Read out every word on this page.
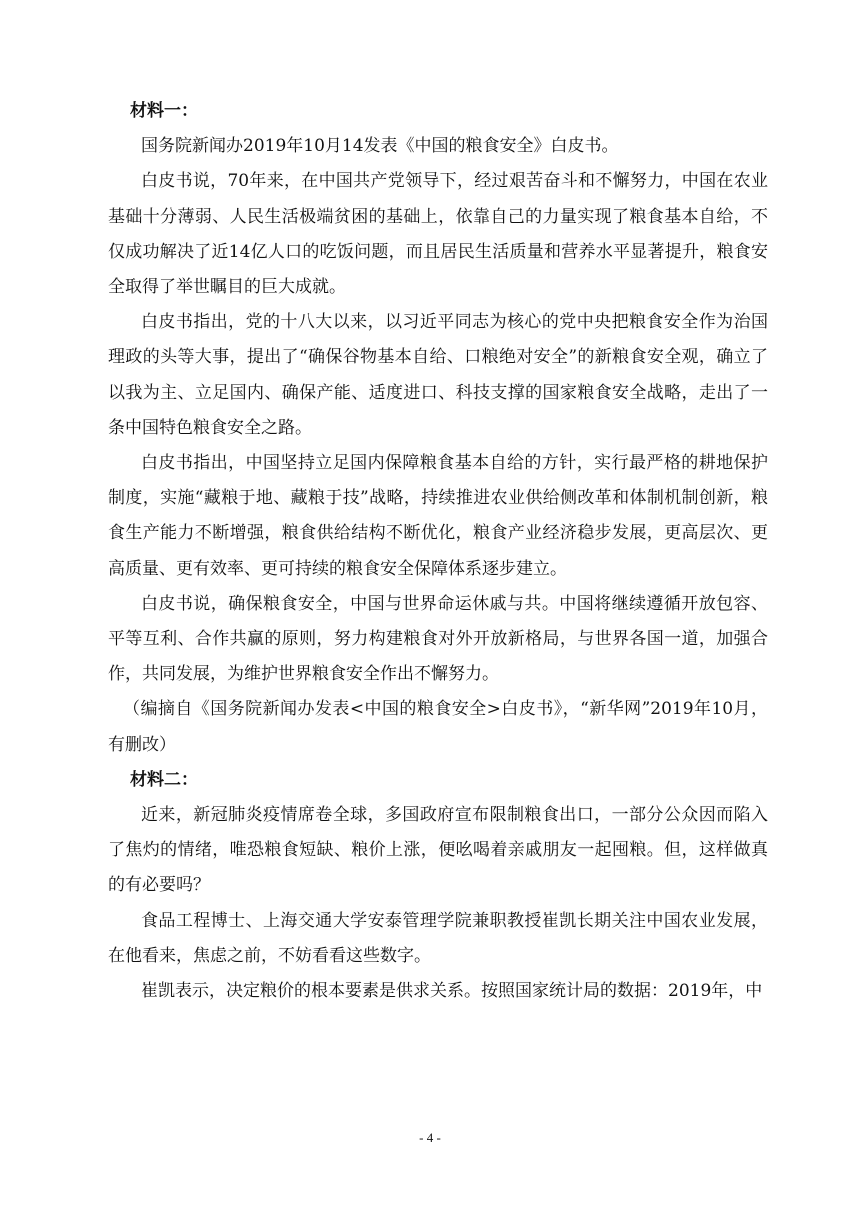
材料一：

国务院新闻办2019年10月14发表《中国的粮食安全》白皮书。

白皮书说，70年来，在中国共产党领导下，经过艰苦奋斗和不懈努力，中国在农业基础十分薄弱、人民生活极端贫困的基础上，依靠自己的力量实现了粮食基本自给，不仅成功解决了近14亿人口的吃饭问题，而且居民生活质量和营养水平显著提升，粮食安全取得了举世瞩目的巨大成就。

白皮书指出，党的十八大以来，以习近平同志为核心的党中央把粮食安全作为治国理政的头等大事，提出了“确保谷物基本自给、口粮绝对安全”的新粮食安全观，确立了以我为主、立足国内、确保产能、适度进口、科技支撑的国家粮食安全战略，走出了一条中国特色粮食安全之路。

白皮书指出，中国坚持立足国内保障粮食基本自给的方针，实行最严格的耕地保护制度，实施“藏粮于地、藏粮于技”战略，持续推进农业供给侧改革和体制机制创新，粮食生产能力不断增强，粮食供给结构不断优化，粮食产业经济稳步发展，更高层次、更高质量、更有效率、更可持续的粮食安全保障体系逐步建立。

白皮书说，确保粮食安全，中国与世界命运休戚与共。中国将继续遵循开放包容、平等互利、合作共赢的原则，努力构建粮食对外开放新格局，与世界各国一道，加强合作，共同发展，为维护世界粮食安全作出不懈努力。

（编摘自《国务院新闻办发表<中国的粮食安全>白皮书》，“新华网”2019年10月，有删改）

材料二：

近来，新冠肺炎疫情席卷全球，多国政府宣布限制粮食出口，一部分公众因而陷入了焦灼的情绪，唯恐粮食短缺、粮价上涨，便吆喝着亲戚朋友一起囤粮。但，这样做真的有必要吗？

食品工程博士、上海交通大学安泰管理学院兼职教授崔凯长期关注中国农业发展，在他看来，焦虑之前，不妨看看这些数字。

崔凯表示，决定粮价的根本要素是供求关系。按照国家统计局的数据：2019年，中

- 4 -
